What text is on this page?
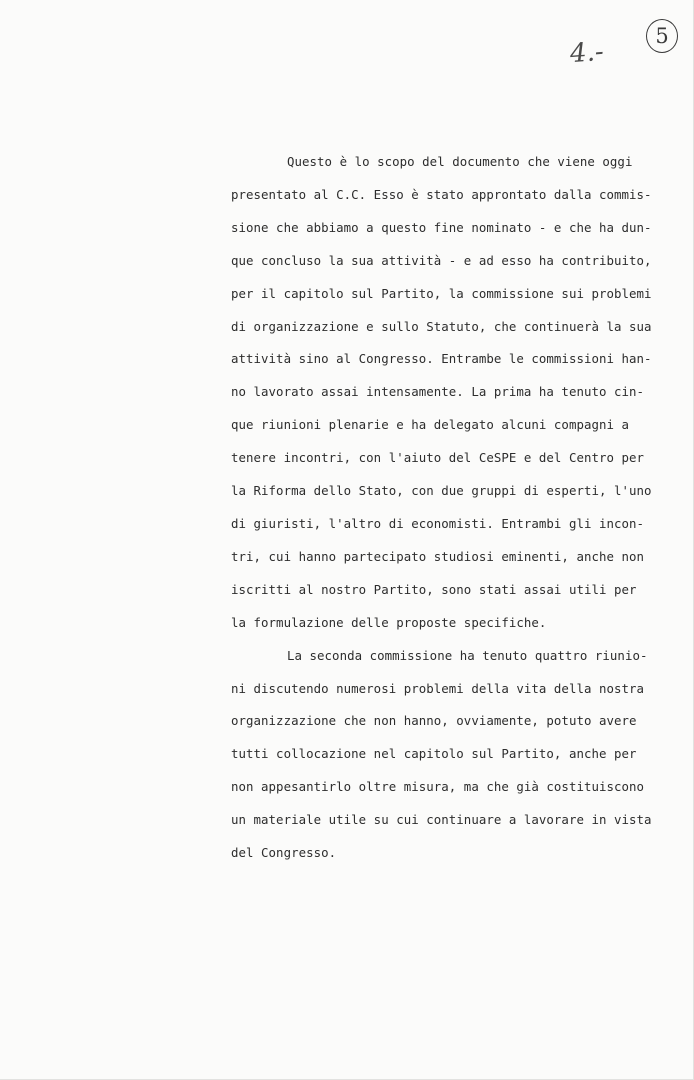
4.-
5
Questo è lo scopo del documento che viene oggi
presentato al C.C. Esso è stato approntato dalla commis-
sione che abbiamo a questo fine nominato - e che ha dun-
que concluso la sua attività - e ad esso ha contribuito,
per il capitolo sul Partito, la commissione sui problemi
di organizzazione e sullo Statuto, che continuerà la sua
attività sino al Congresso. Entrambe le commissioni han-
no lavorato assai intensamente. La prima ha tenuto cin-
que riunioni plenarie e ha delegato alcuni compagni a
tenere incontri, con l'aiuto del CeSPE e del Centro per
la Riforma dello Stato, con due gruppi di esperti, l'uno
di giuristi, l'altro di economisti. Entrambi gli incon-
tri, cui hanno partecipato studiosi eminenti, anche non
iscritti al nostro Partito, sono stati assai utili per
la formulazione delle proposte specifiche.
La seconda commissione ha tenuto quattro riunio-
ni discutendo numerosi problemi della vita della nostra
organizzazione che non hanno, ovviamente, potuto avere
tutti collocazione nel capitolo sul Partito, anche per
non appesantirlo oltre misura, ma che già costituiscono
un materiale utile su cui continuare a lavorare in vista
del Congresso.
